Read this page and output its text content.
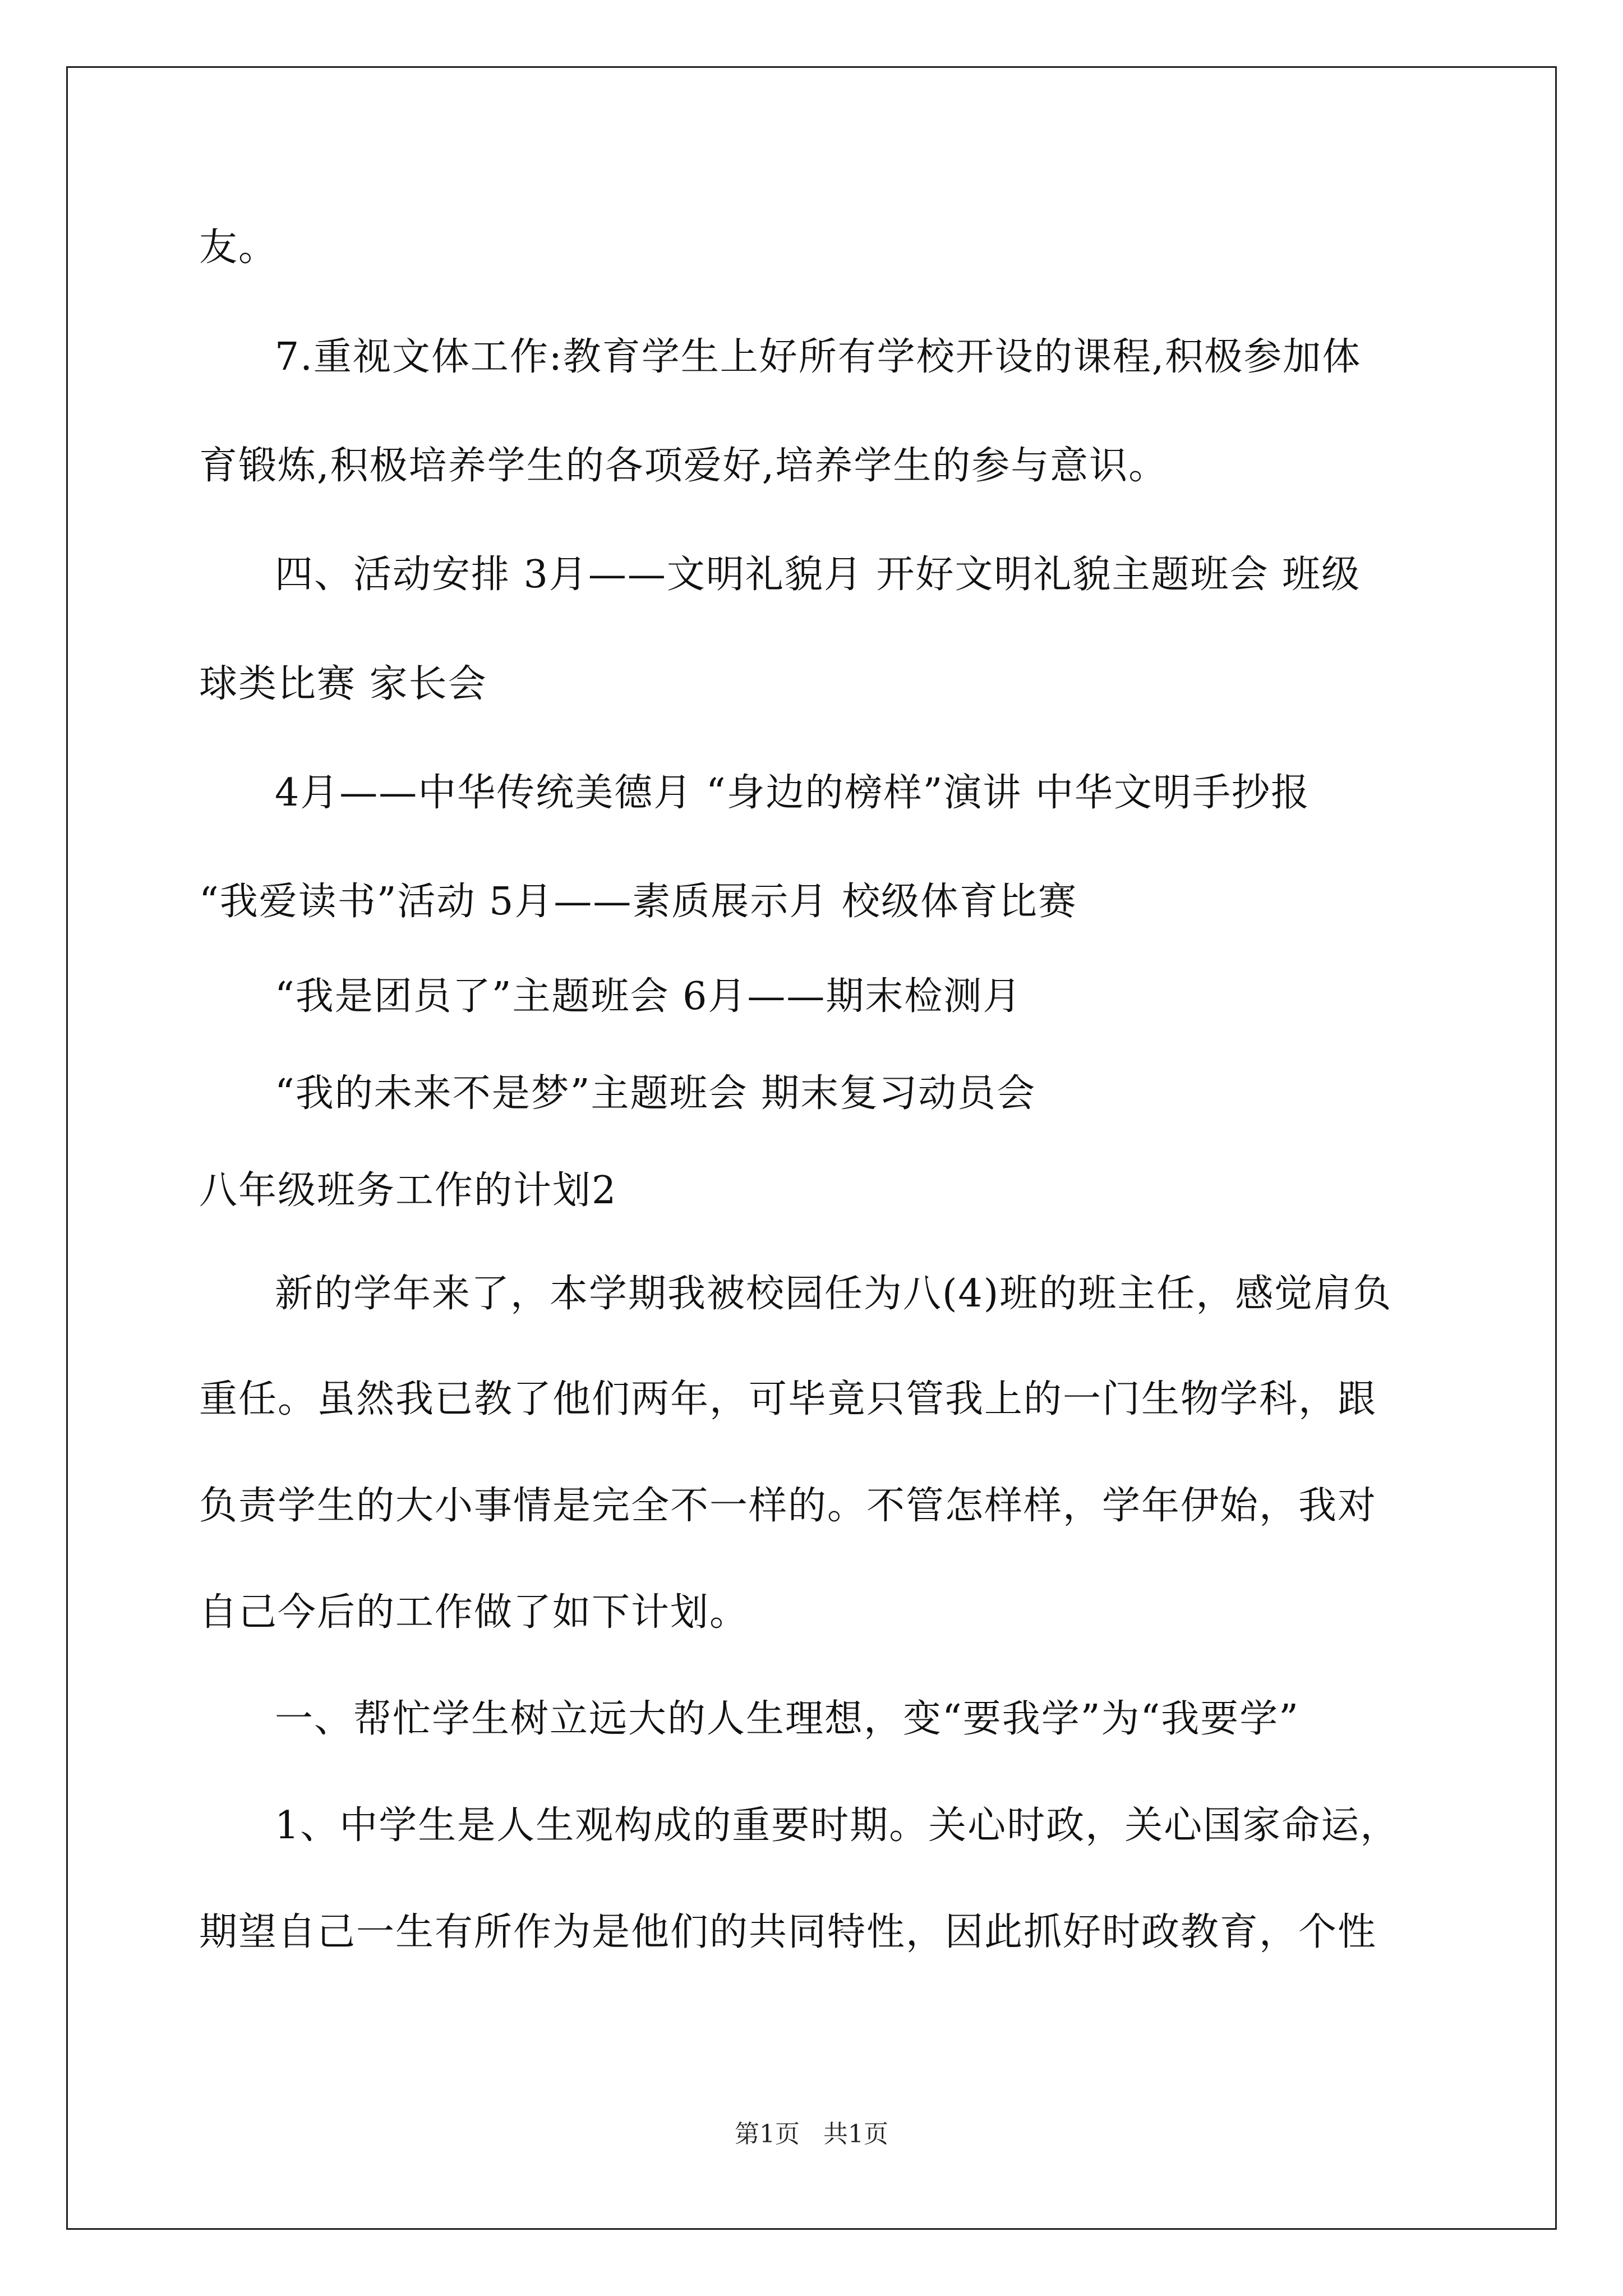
友。
7.重视文体工作:教育学生上好所有学校开设的课程,积极参加体
育锻炼,积极培养学生的各项爱好,培养学生的参与意识。
四、活动安排 3月——文明礼貌月 开好文明礼貌主题班会 班级
球类比赛 家长会
4月——中华传统美德月 “身边的榜样”演讲 中华文明手抄报
“我爱读书”活动 5月——素质展示月 校级体育比赛
“我是团员了”主题班会 6月——期末检测月
“我的未来不是梦”主题班会 期末复习动员会
八年级班务工作的计划2
新的学年来了，本学期我被校园任为八(4)班的班主任，感觉肩负
重任。虽然我已教了他们两年，可毕竟只管我上的一门生物学科，跟
负责学生的大小事情是完全不一样的。不管怎样样，学年伊始，我对
自己今后的工作做了如下计划。
一、帮忙学生树立远大的人生理想，变“要我学”为“我要学”
1、中学生是人生观构成的重要时期。关心时政，关心国家命运，
期望自己一生有所作为是他们的共同特性，因此抓好时政教育，个性
第1页   共1页
